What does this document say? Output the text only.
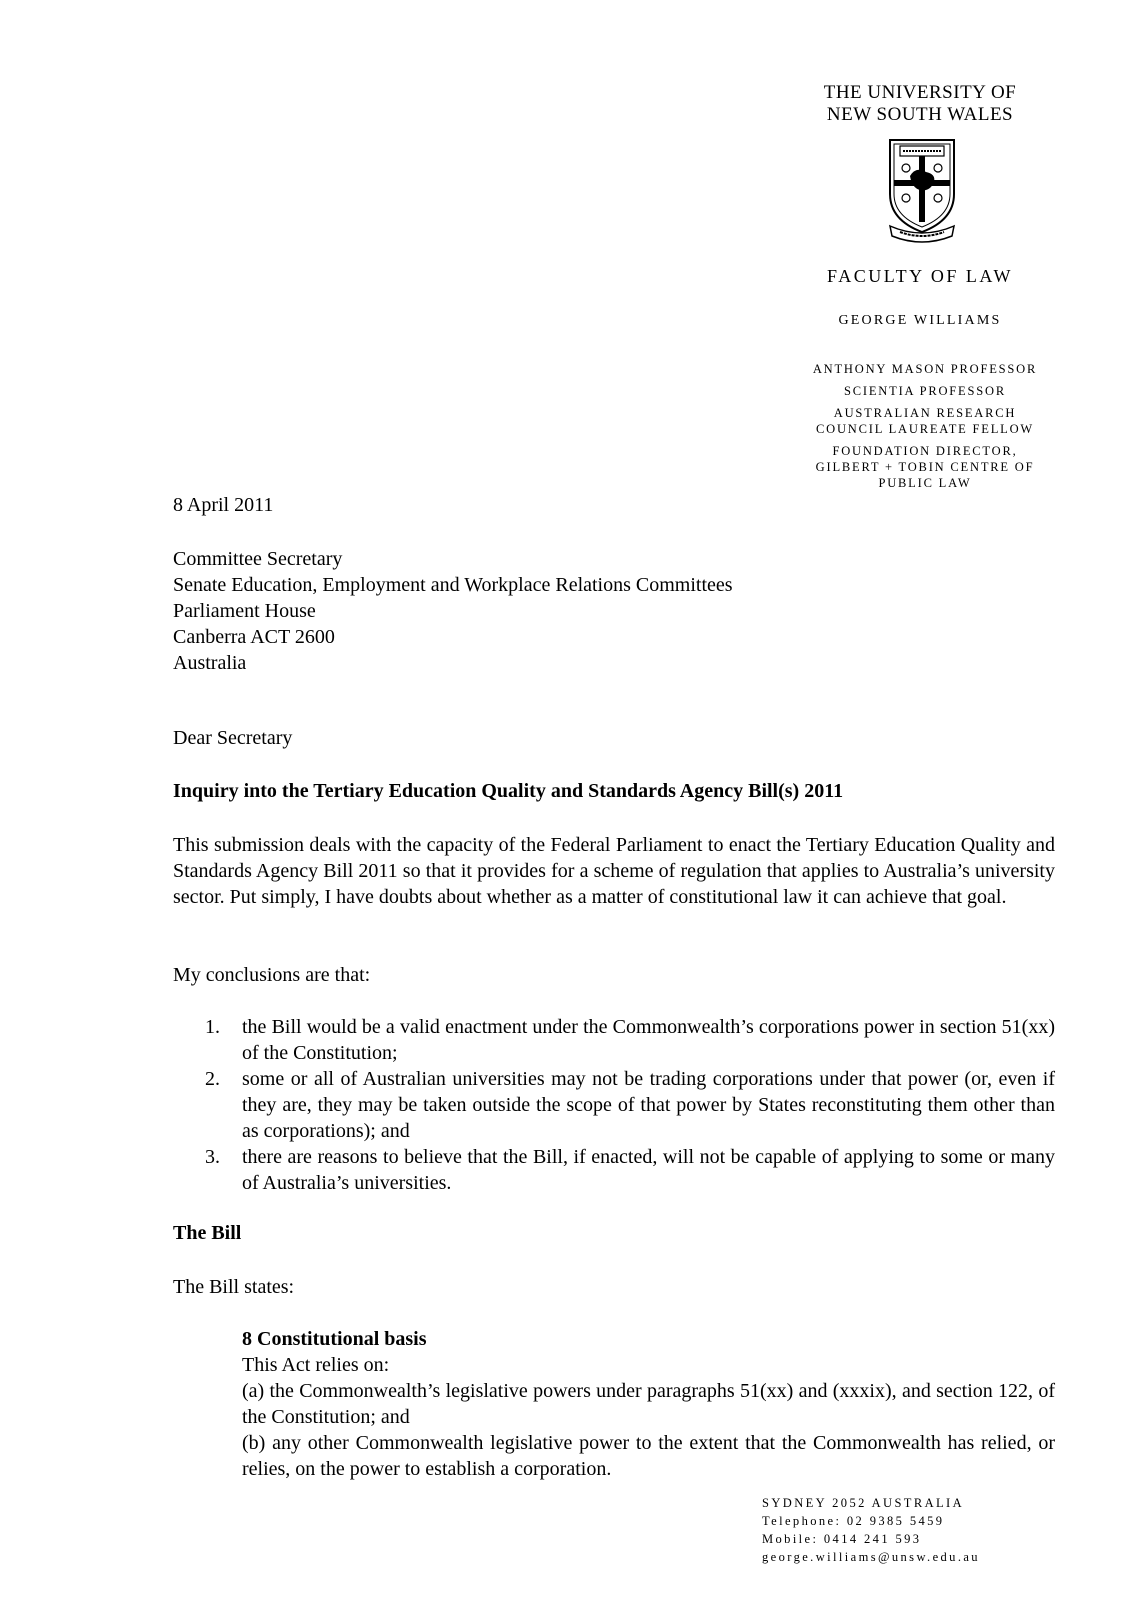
THE UNIVERSITY OF
NEW SOUTH WALES
FACULTY OF LAW
GEORGE WILLIAMS
ANTHONY MASON PROFESSOR
SCIENTIA PROFESSOR
AUSTRALIAN RESEARCH
COUNCIL LAUREATE FELLOW
FOUNDATION DIRECTOR,
GILBERT + TOBIN CENTRE OF
PUBLIC LAW
8 April 2011
Committee Secretary
Senate Education, Employment and Workplace Relations Committees
Parliament House
Canberra ACT 2600
Australia
Dear Secretary
Inquiry into the Tertiary Education Quality and Standards Agency Bill(s) 2011
This submission deals with the capacity of the Federal Parliament to enact the Tertiary Education Quality and Standards Agency Bill 2011 so that it provides for a scheme of regulation that applies to Australia’s university sector. Put simply, I have doubts about whether as a matter of constitutional law it can achieve that goal.
My conclusions are that:
1. the Bill would be a valid enactment under the Commonwealth’s corporations power in section 51(xx) of the Constitution;
2. some or all of Australian universities may not be trading corporations under that power (or, even if they are, they may be taken outside the scope of that power by States reconstituting them other than as corporations); and
3. there are reasons to believe that the Bill, if enacted, will not be capable of applying to some or many of Australia’s universities.
The Bill
The Bill states:
8 Constitutional basis
This Act relies on:
(a) the Commonwealth’s legislative powers under paragraphs 51(xx) and (xxxix), and section 122, of the Constitution; and
(b) any other Commonwealth legislative power to the extent that the Commonwealth has relied, or relies, on the power to establish a corporation.
SYDNEY 2052 AUSTRALIA
Telephone: 02 9385 5459
Mobile: 0414 241 593
george.williams@unsw.edu.au
